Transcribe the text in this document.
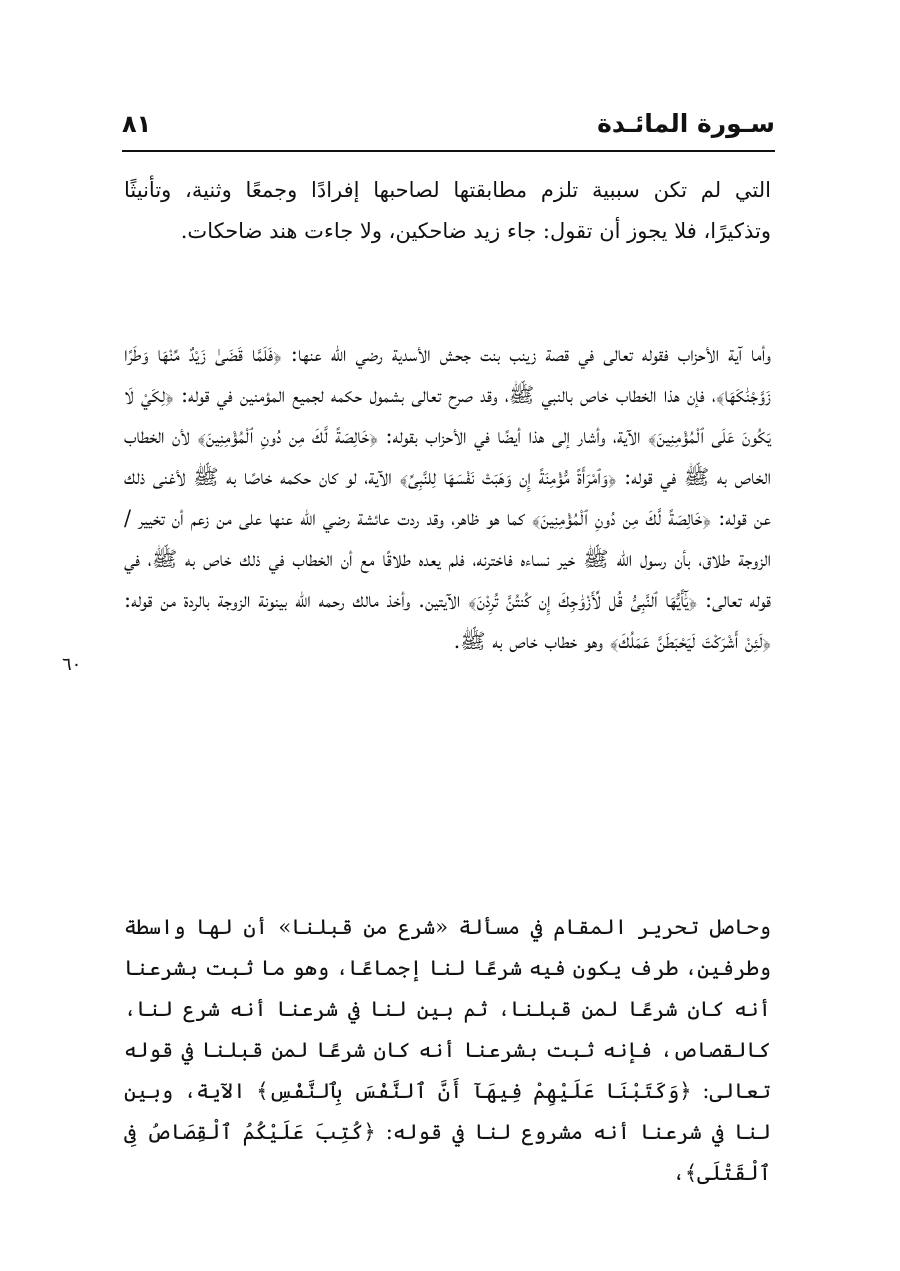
سـورة المائـدة
٨١

التي لم تكن سببية تلزم مطابقتها لصاحبها إفرادًا وجمعًا وثنية، وتأنيثًا وتذكيرًا، فلا يجوز أن تقول: جاء زيد ضاحكين، ولا جاءت هند ضاحكات.

وأما آية الأحزاب فقوله تعالى في قصة زينب بنت جحش الأسدية رضي الله عنها: ﴿فَلَمَّا قَضَىٰ زَيْدٌ مِّنْهَا وَطَرًا زَوَّجْنَٰكَهَا﴾، فإن هذا الخطاب خاص بالنبي ﷺ، وقد صرح تعالى بشمول حكمه لجميع المؤمنين في قوله: ﴿لِكَيْ لَا يَكُونَ عَلَى ٱلْمُؤْمِنِينَ﴾ الآية، وأشار إلى هذا أيضًا في الأحزاب بقوله: ﴿خَالِصَةً لَّكَ مِن دُونِ ٱلْمُؤْمِنِينَ﴾ لأن الخطاب الخاص به ﷺ في قوله: ﴿وَٱمْرَأَةً مُّؤْمِنَةً إِن وَهَبَتْ نَفْسَهَا لِلنَّبِىِّ﴾ الآية، لو كان حكمه خاصًا به ﷺ لأغنى ذلك عن قوله: ﴿خَالِصَةً لَّكَ مِن دُونِ ٱلْمُؤْمِنِينَ﴾ كما هو ظاهر، وقد ردت عائشة رضي الله عنها على من زعم أن تخيير / الزوجة طلاق، بأن رسول الله ﷺ خير نساءه فاخترنه، فلم يعده طلاقًا مع أن الخطاب في ذلك خاص به ﷺ، في قوله تعالى: ﴿يَٰٓأَيُّهَا ٱلنَّبِىُّ قُل لِّأَزْوَٰجِكَ إِن كُنتُنَّ تُرِدْنَ﴾ الآيتين. وأخذ مالك رحمه الله بينونة الزوجة بالردة من قوله: ﴿لَئِنْ أَشْرَكْتَ لَيَحْبَطَنَّ عَمَلُكَ﴾ وهو خطاب خاص به ﷺ.

وحاصل تحرير المقام في مسألة «شرع من قبلنا» أن لها واسطة وطرفين، طرف يكون فيه شرعًا لنا إجماعًا، وهو ما ثبت بشرعنا أنه كان شرعًا لمن قبلنا، ثم بين لنا في شرعنا أنه شرع لنا، كالقصاص، فإنه ثبت بشرعنا أنه كان شرعًا لمن قبلنا في قوله تعالى: ﴿وَكَتَبْنَا عَلَيْهِمْ فِيهَآ أَنَّ ٱلنَّفْسَ بِٱلنَّفْسِ﴾ الآية، وبين لنا في شرعنا أنه مشروع لنا في قوله: ﴿كُتِبَ عَلَيْكُمُ ٱلْقِصَاصُ فِى ٱلْقَتْلَى﴾،

٦٠
